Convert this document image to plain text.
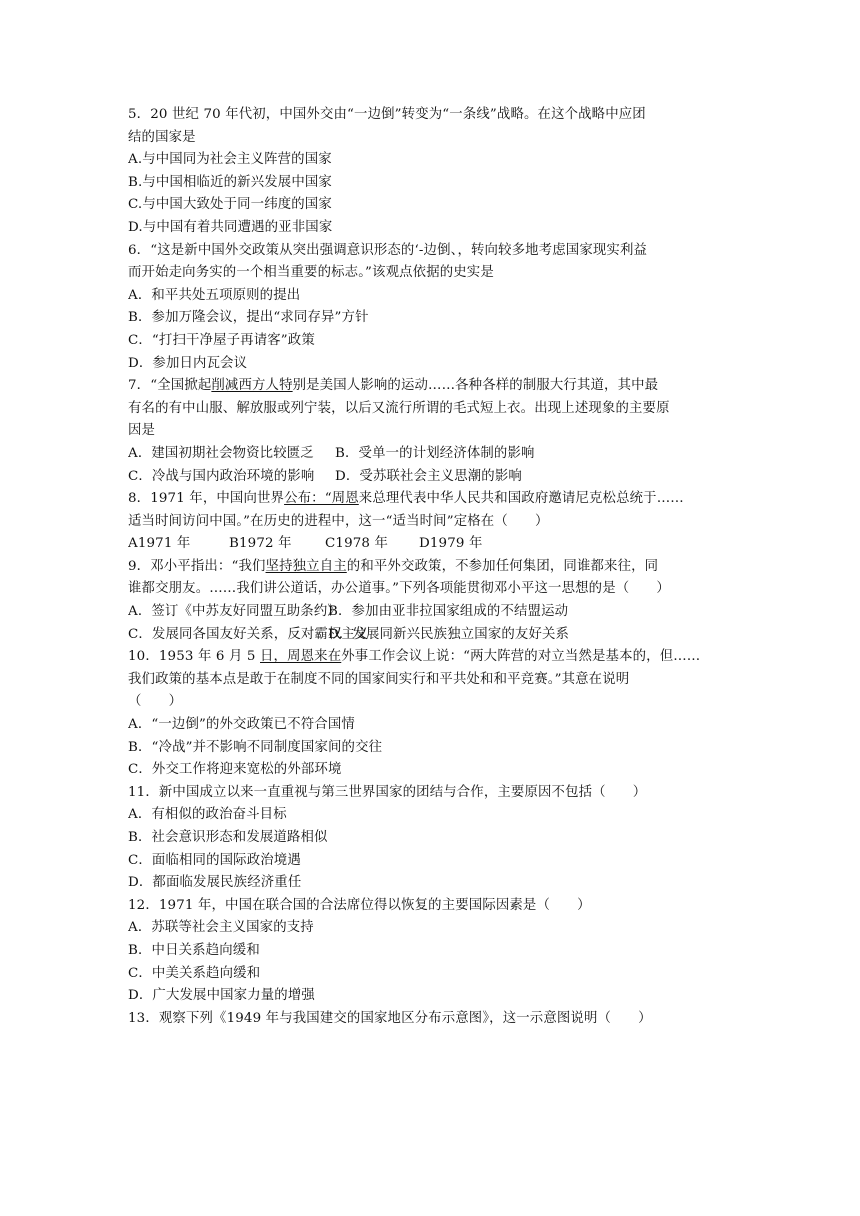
5．20 世纪 70 年代初，中国外交由“一边倒”转变为“一条线”战略。在这个战略中应团
结的国家是
A.与中国同为社会主义阵营的国家
B.与中国相临近的新兴发展中国家
C.与中国大致处于同一纬度的国家
D.与中国有着共同遭遇的亚非国家
6．“这是新中国外交政策从突出强调意识形态的‘-边倒、，转向较多地考虑国家现实利益
而开始走向务实的一个相当重要的标志。”该观点依据的史实是
A．和平共处五项原则的提出
B．参加万隆会议，提出“求同存异”方针
C．“打扫干净屋子再请客”政策
D．参加日内瓦会议
7．“全国掀起削减西方人特别是美国人影响的运动……各种各样的制服大行其道，其中最
有名的有中山服、解放服或列宁装，以后又流行所谓的毛式短上衣。出现上述现象的主要原
因是
A．建国初期社会物资比较匮乏 B．受单一的计划经济体制的影响
C．冷战与国内政治环境的影响 D．受苏联社会主义思潮的影响
8．1971 年，中国向世界公布：“周恩来总理代表中华人民共和国政府邀请尼克松总统于……
适当时间访问中国。”在历史的进程中，这一“适当时间”定格在（　　）
A1971 年	B1972 年 C1978 年 D1979 年
9．邓小平指出：“我们坚持独立自主的和平外交政策，不参加任何集团，同谁都来往，同
谁都交朋友。……我们讲公道话，办公道事。”下列各项能贯彻邓小平这一思想的是（　　）
A．签订《中苏友好同盟互助条约》B．参加由亚非拉国家组成的不结盟运动
C．发展同各国友好关系，反对霸权主义D．发展同新兴民族独立国家的友好关系
10．1953 年 6 月 5 日，周恩来在外事工作会议上说：“两大阵营的对立当然是基本的，但……
我们政策的基本点是敢于在制度不同的国家间实行和平共处和和平竞赛。”其意在说明
（　　）
A．“一边倒”的外交政策已不符合国情
B．“冷战”并不影响不同制度国家间的交往
C．外交工作将迎来宽松的外部环境
11．新中国成立以来一直重视与第三世界国家的团结与合作，主要原因不包括（　　）
A．有相似的政治奋斗目标
B．社会意识形态和发展道路相似
C．面临相同的国际政治境遇
D．都面临发展民族经济重任
12．1971 年，中国在联合国的合法席位得以恢复的主要国际因素是（　　）
A．苏联等社会主义国家的支持
B．中日关系趋向缓和
C．中美关系趋向缓和
D．广大发展中国家力量的增强
13．观察下列《1949 年与我国建交的国家地区分布示意图》，这一示意图说明（　　）
